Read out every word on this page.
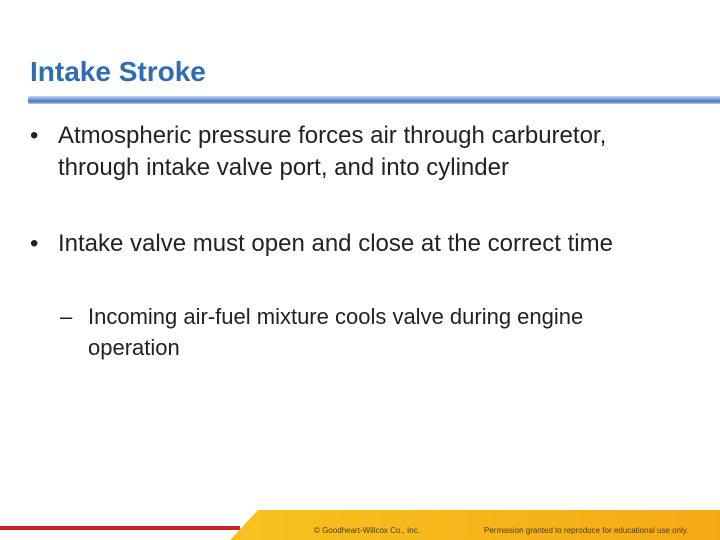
Intake Stroke
• Atmospheric pressure forces air through carburetor, through intake valve port, and into cylinder
• Intake valve must open and close at the correct time
– Incoming air-fuel mixture cools valve during engine operation
© Goodheart-Willcox Co., Inc.	Permission granted to reproduce for educational use only.
